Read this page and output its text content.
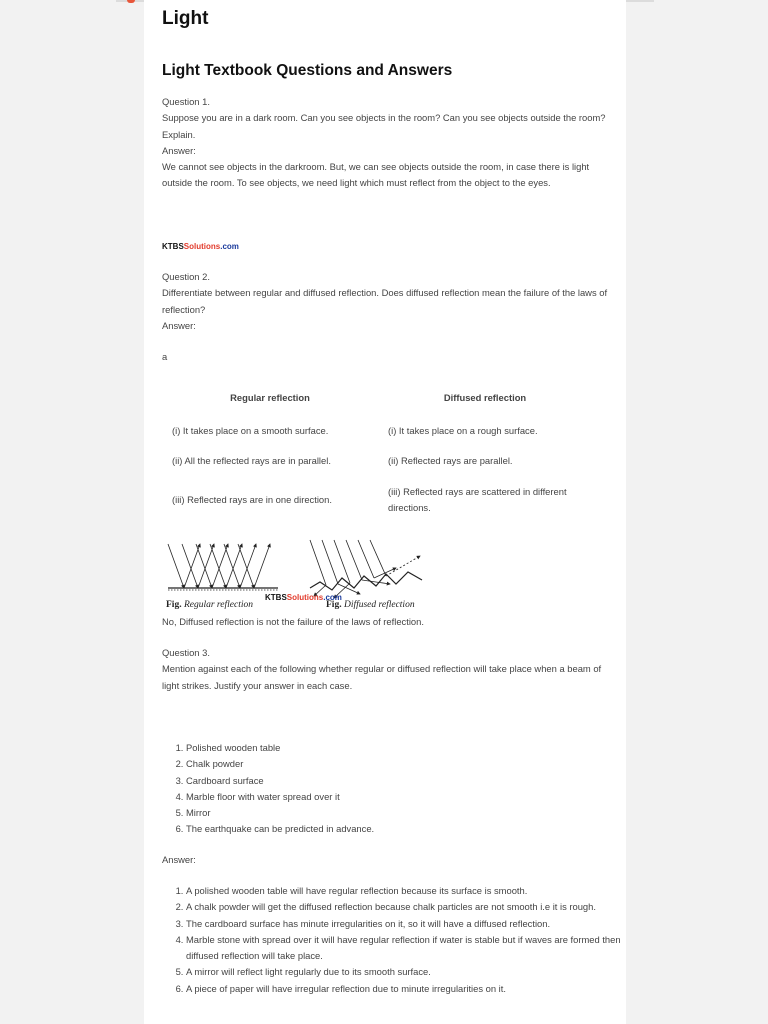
Light
Light Textbook Questions and Answers
Question 1.
Suppose you are in a dark room. Can you see objects in the room? Can you see objects outside the room? Explain.
Answer:
We cannot see objects in the darkroom. But, we can see objects outside the room, in case there is light outside the room. To see objects, we need light which must reflect from the object to the eyes.
KTBSSolutions.com
Question 2.
Differentiate between regular and diffused reflection. Does diffused reflection mean the failure of the laws of reflection?
Answer:
a
Regular reflection	Diffused reflection
(i) It takes place on a smooth surface.	(i) It takes place on a rough surface.
(ii) All the reflected rays are in parallel.	(ii) Reflected rays are parallel.
(iii) Reflected rays are in one direction.	(iii) Reflected rays are scattered in different directions.
KTBSSolutions.com
Fig. Regular reflection	Fig. Diffused reflection
No, Diffused reflection is not the failure of the laws of reflection.
Question 3.
Mention against each of the following whether regular or diffused reflection will take place when a beam of light strikes. Justify your answer in each case.
1. Polished wooden table
2. Chalk powder
3. Cardboard surface
4. Marble floor with water spread over it
5. Mirror
6. The earthquake can be predicted in advance.
Answer:
1. A polished wooden table will have regular reflection because its surface is smooth.
2. A chalk powder will get the diffused reflection because chalk particles are not smooth i.e it is rough.
3. The cardboard surface has minute irregularities on it, so it will have a diffused reflection.
4. Marble stone with spread over it will have regular reflection if water is stable but if waves are formed then diffused reflection will take place.
5. A mirror will reflect light regularly due to its smooth surface.
6. A piece of paper will have irregular reflection due to minute irregularities on it.
